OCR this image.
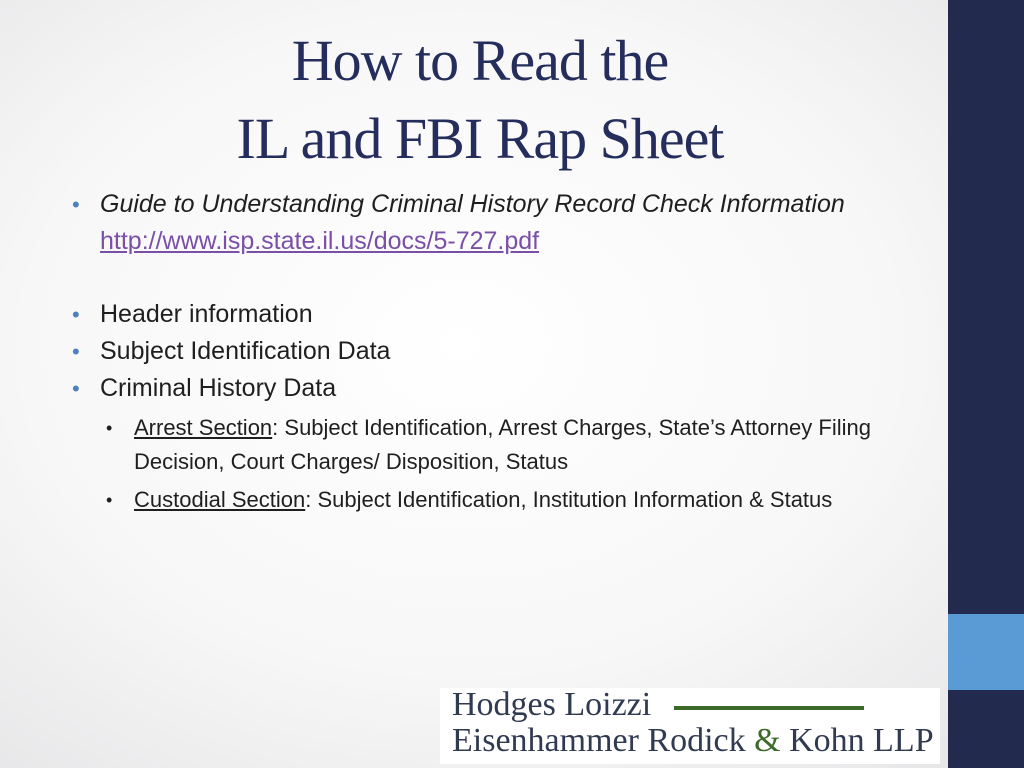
How to Read the
IL and FBI Rap Sheet
• Guide to Understanding Criminal History Record Check Information http://www.isp.state.il.us/docs/5-727.pdf
• Header information
• Subject Identification Data
• Criminal History Data
• Arrest Section: Subject Identification, Arrest Charges, State’s Attorney Filing Decision, Court Charges/ Disposition, Status
• Custodial Section: Subject Identification, Institution Information & Status
Hodges Loizzi
Eisenhammer Rodick & Kohn LLP
